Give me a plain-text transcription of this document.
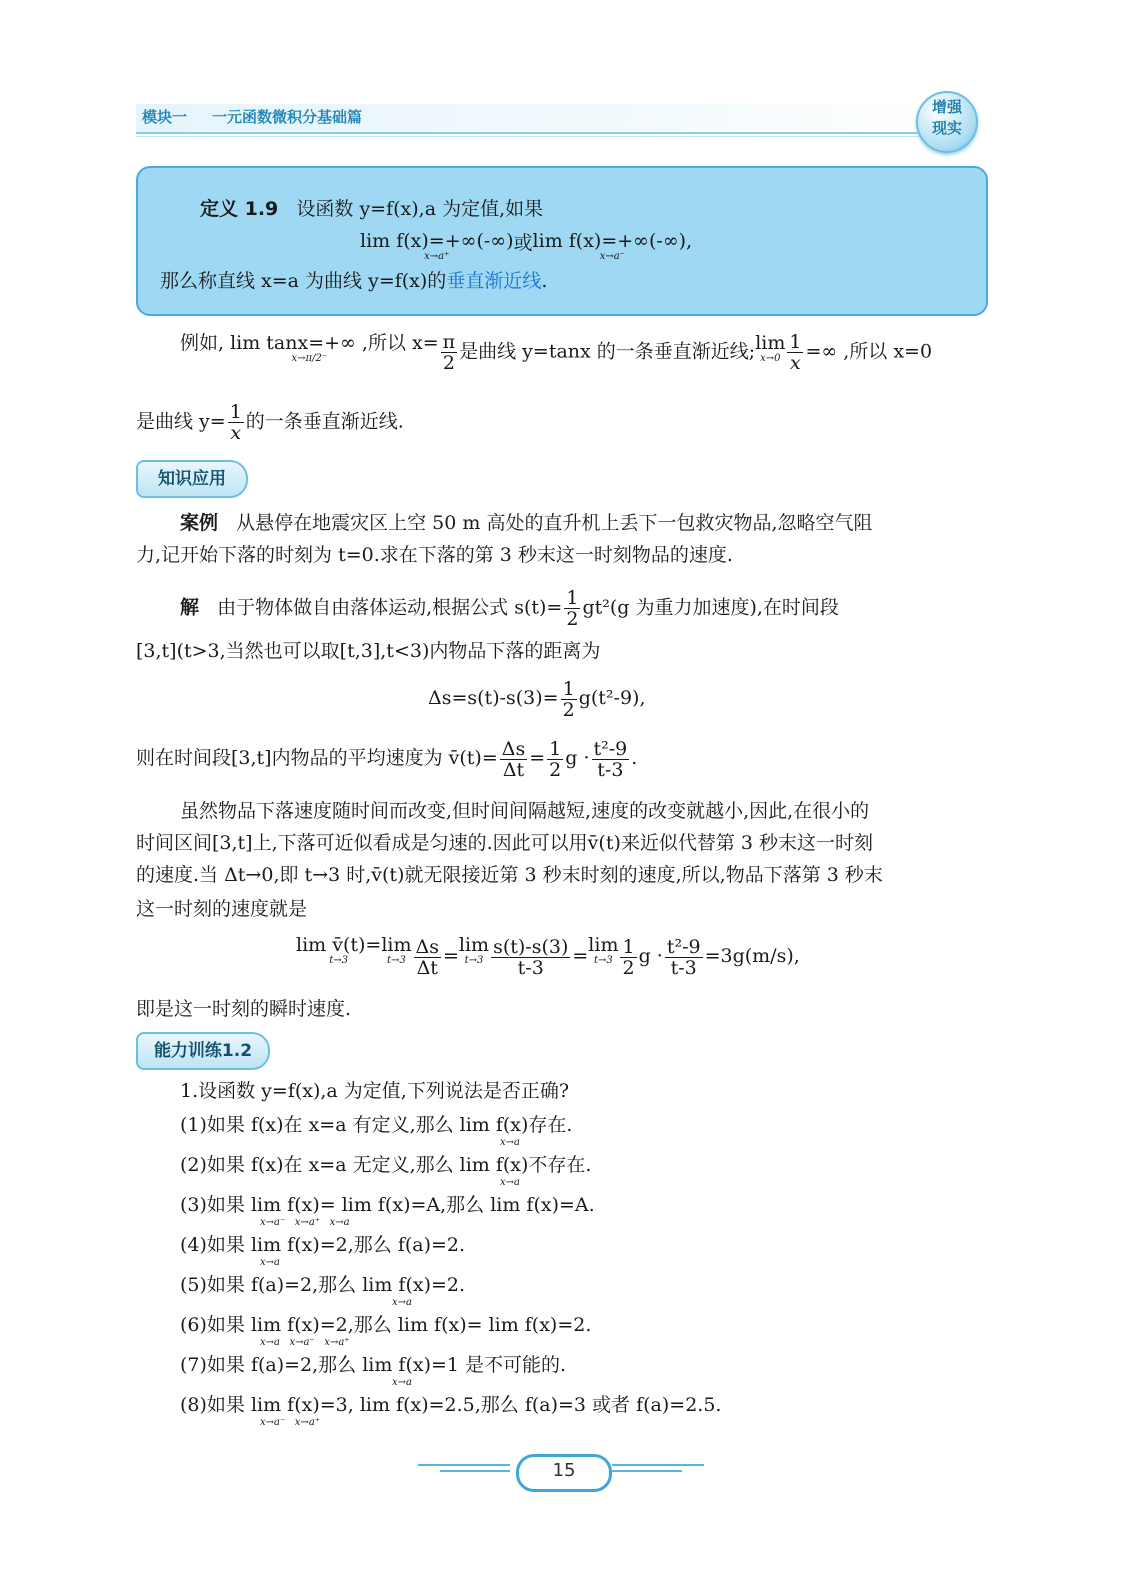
模块一 一元函数微积分基础篇
增强
现实
定义 1.9 设函数 y=f(x),a 为定值,如果
lim f(x)=+∞(-∞)
x→a⁺
或lim f(x)=+∞(-∞),
x→a⁻
那么称直线 x=a 为曲线 y=f(x)的垂直渐近线.
例如, lim tanx=+∞ ,所以 x=
x→π/2⁻	$\frac{\pi}{2}$ 是曲线 y=tanx 的一条垂直渐近线;lim
$x\to 0 \frac{1}{x}$ =∞ ,所以 x=0
是曲线 $y= \frac{1}{x}$ 的一条垂直渐近线.
知识应用
案例 从悬停在地震灾区上空 50 m 高处的直升机上丢下一包救灾物品,忽略空气阻
力,记开始下落的时刻为 t=0.求在下落的第 3 秒末这一时刻物品的速度.
解 由于物体做自由落体运动,根据公式 $s(t)= \frac{1}{2} gt^2(g$ 为重力加速度),在时间段
[3,t](t>3,当然也可以取[t,3],t<3)内物品下落的距离为
$\Delta s=s(t)-s(3)= \frac{1}{2} g(t^2-9)$,
则在时间段[3,t]内物品的平均速度为 v̄(t)= $\frac{\Delta s}{\Delta t} = \frac{1}{2}$ $g \cdot \frac{\text{t²-9}}{t-3}$ .
虽然物品下落速度随时间而改变,但时间间隔越短,速度的改变就越小,因此,在很小的
时间区间[3,t]上,下落可近似看成是匀速的.因此可以用v̄(t)来近似代替第 3 秒末这一时刻
的速度.当 Δt→0,即 t→3 时,v̄(t)就无限接近第 3 秒末时刻的速度,所以,物品下落第 3 秒末
这一时刻的速度就是
lim v̄(t)=
t→3
lim
$t\to 3 \frac{\Delta s}{\Delta t} =\lim$
$t\to 3 \frac{s(t)-s(3)}{t-3} =\lim$
$t\to 3 \frac{1}{2}$ $g \cdot \frac{\text{t²-9}}{t-3} =3g(m/s)$,
即是这一时刻的瞬时速度.
能力训练1.2
1.设函数 y=f(x),a 为定值,下列说法是否正确?
(1)如果 f(x)在 x=a 有定义,那么 lim f(x)存在.
x→a
(2)如果 f(x)在 x=a 无定义,那么 lim f(x)不存在.
x→a
(3)如果 lim f(x)= lim f(x)=A,那么 lim f(x)=A.
x→a⁻   x→a⁺   x→a
(4)如果 lim f(x)=2,那么 f(a)=2.
x→a
(5)如果 f(a)=2,那么 lim f(x)=2.
x→a
(6)如果 lim f(x)=2,那么 lim f(x)= lim f(x)=2.
x→a   x→a⁻   x→a⁺
(7)如果 f(a)=2,那么 lim f(x)=1 是不可能的.
x→a
(8)如果 lim f(x)=3, lim f(x)=2.5,那么 f(a)=3 或者 f(a)=2.5.
x→a⁻   x→a⁺
15
